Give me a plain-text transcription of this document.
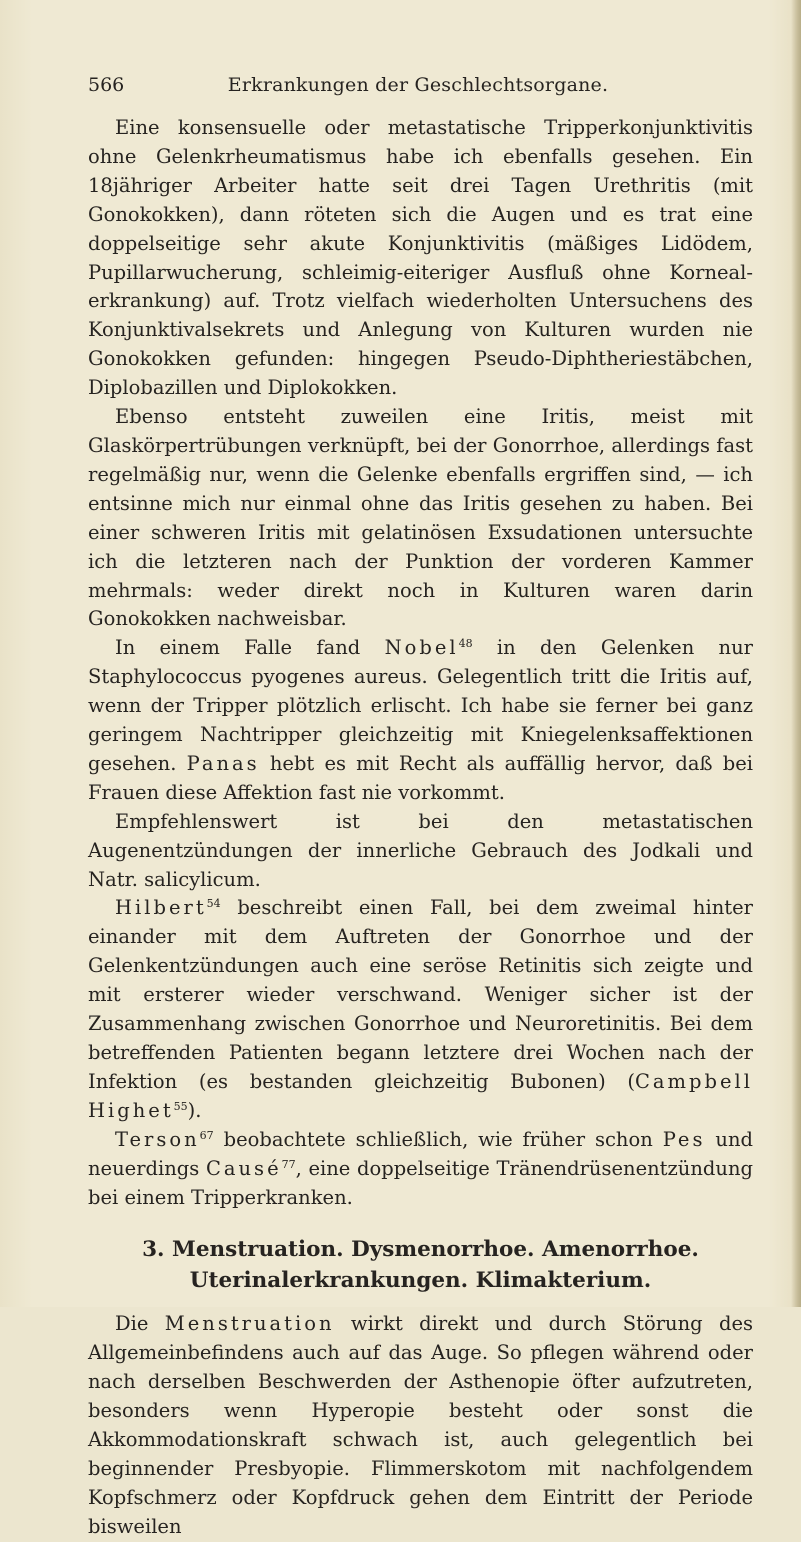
566	Erkrankungen der Geschlechtsorgane.

Eine konsensuelle oder metastatische Tripperkonjunktivitis ohne Gelenkrheumatismus habe ich ebenfalls gesehen. Ein 18jähriger Arbeiter hatte seit drei Tagen Urethritis (mit Gonokokken), dann röteten sich die Augen und es trat eine doppelseitige sehr akute Konjunktivitis (mäßiges Lidödem, Pupillarwucherung, schleimig-eiteriger Ausfluß ohne Kornealerkrankung) auf. Trotz vielfach wiederholten Untersuchens des Konjunktivalsekrets und Anlegung von Kulturen wurden nie Gonokokken gefunden: hingegen Pseudo-Diphtheriestäbchen, Diplobazillen und Diplokokken.

Ebenso entsteht zuweilen eine Iritis, meist mit Glaskörpertrübungen verknüpft, bei der Gonorrhoe, allerdings fast regelmäßig nur, wenn die Gelenke ebenfalls ergriffen sind, — ich entsinne mich nur einmal ohne das Iritis gesehen zu haben. Bei einer schweren Iritis mit gelatinösen Exsudationen untersuchte ich die letzteren nach der Punktion der vorderen Kammer mehrmals: weder direkt noch in Kulturen waren darin Gonokokken nachweisbar.

In einem Falle fand Nobel$^{48}$ in den Gelenken nur Staphylococcus pyogenes aureus. Gelegentlich tritt die Iritis auf, wenn der Tripper plötzlich erlischt. Ich habe sie ferner bei ganz geringem Nachtripper gleichzeitig mit Kniegelenksaffektionen gesehen. Panas hebt es mit Recht als auffällig hervor, daß bei Frauen diese Affektion fast nie vorkommt.

Empfehlenswert ist bei den metastatischen Augenentzündungen der innerliche Gebrauch des Jodkali und Natr. salicylicum.

Hilbert$^{54}$ beschreibt einen Fall, bei dem zweimal hinter einander mit dem Auftreten der Gonorrhoe und der Gelenkentzündungen auch eine seröse Retinitis sich zeigte und mit ersterer wieder verschwand. Weniger sicher ist der Zusammenhang zwischen Gonorrhoe und Neuroretinitis. Bei dem betreffenden Patienten begann letztere drei Wochen nach der Infektion (es bestanden gleichzeitig Bubonen) (Campbell Highet$^{55}$).

Terson$^{67}$ beobachtete schließlich, wie früher schon Pes und neuerdings Causé$^{77}$, eine doppelseitige Tränendrüsenentzündung bei einem Tripperkranken.

3. Menstruation. Dysmenorrhoe. Amenorrhoe. Uterinalerkrankungen. Klimakterium.

Die Menstruation wirkt direkt und durch Störung des Allgemeinbefindens auch auf das Auge. So pflegen während oder nach derselben Beschwerden der Asthenopie öfter aufzutreten, besonders wenn Hyperopie besteht oder sonst die Akkommodationskraft schwach ist, auch gelegentlich bei beginnender Presbyopie. Flimmerskotom mit nachfolgendem Kopfschmerz oder Kopfdruck gehen dem Eintritt der Periode bisweilen
